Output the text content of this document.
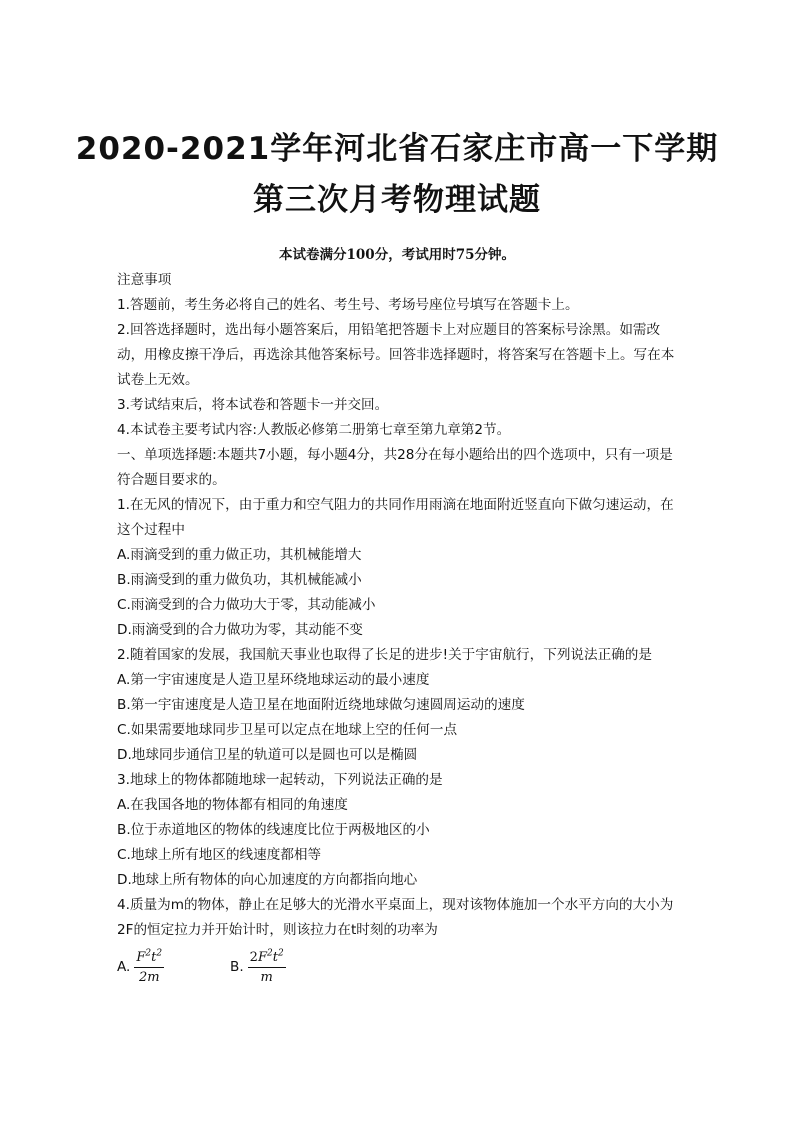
2020-2021学年河北省石家庄市高一下学期
第三次月考物理试题
本试卷满分100分，考试用时75分钟。

注意事项

1.答题前，考生务必将自己的姓名、考生号、考场号座位号填写在答题卡上。

2.回答选择题时，选出每小题答案后，用铅笔把答题卡上对应题目的答案标号涂黑。如需改动，用橡皮擦干净后，再选涂其他答案标号。回答非选择题时，将答案写在答题卡上。写在本试卷上无效。

3.考试结束后，将本试卷和答题卡一并交回。

4.本试卷主要考试内容:人教版必修第二册第七章至第九章第2节。

一、单项选择题:本题共7小题，每小题4分，共28分在每小题给出的四个选项中，只有一项是符合题目要求的。

1.在无风的情况下，由于重力和空气阻力的共同作用雨滴在地面附近竖直向下做匀速运动，在这个过程中

A.雨滴受到的重力做正功，其机械能增大

B.雨滴受到的重力做负功，其机械能减小

C.雨滴受到的合力做功大于零，其动能减小

D.雨滴受到的合力做功为零，其动能不变

2.随着国家的发展，我国航天事业也取得了长足的进步!关于宇宙航行，下列说法正确的是

A.第一宇宙速度是人造卫星环绕地球运动的最小速度

B.第一宇宙速度是人造卫星在地面附近绕地球做匀速圆周运动的速度

C.如果需要地球同步卫星可以定点在地球上空的任何一点

D.地球同步通信卫星的轨道可以是圆也可以是椭圆

3.地球上的物体都随地球一起转动，下列说法正确的是

A.在我国各地的物体都有相同的角速度

B.位于赤道地区的物体的线速度比位于两极地区的小

C.地球上所有地区的线速度都相等

D.地球上所有物体的向心加速度的方向都指向地心

4.质量为m的物体，静止在足够大的光滑水平桌面上，现对该物体施加一个水平方向的大小为2F的恒定拉力并开始计时，则该拉力在t时刻的功率为

A. $\frac{F^2t^2}{2m}$	B. $\frac{2F^2t^2}{m}$
